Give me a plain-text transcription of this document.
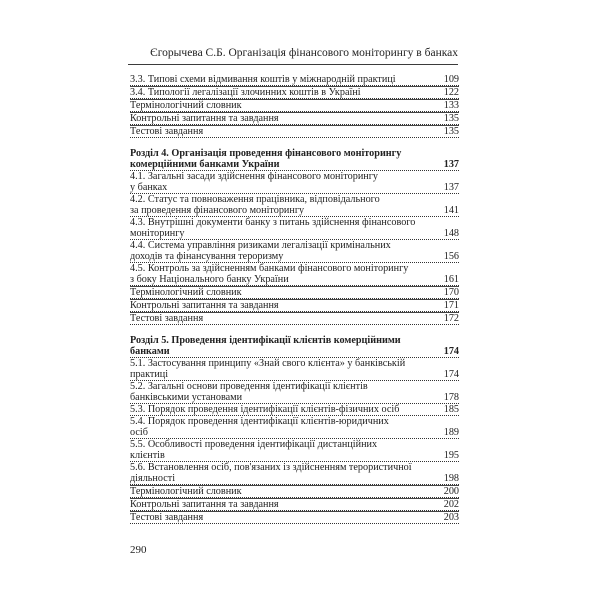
Єгорычева С.Б. Організація фінансового моніторингу в банках
3.3. Типові схеми відмивання коштів у міжнародній практиці	109
3.4. Типології легалізації злочинних коштів в Україні	122
Термінологічний словник	133
Контрольні запитання та завдання	135
Тестові завдання	135
Розділ 4. Організація проведення фінансового моніторингу
комерційними банками України	137
4.1. Загальні засади здійснення фінансового моніторингу
у банках	137
4.2. Статус та повноваження працівника, відповідального
за проведення фінансового моніторингу	141
4.3. Внутрішні документи банку з питань здійснення фінансового
моніторингу	148
4.4. Система управління ризиками легалізації кримінальних
доходів та фінансування тероризму	156
4.5. Контроль за здійсненням банками фінансового моніторингу
з боку Національного банку України	161
Термінологічний словник	170
Контрольні запитання та завдання	171
Тестові завдання	172
Розділ 5. Проведення ідентифікації клієнтів комерційними
банками	174
5.1. Застосування принципу «Знай свого клієнта» у банківській
практиці	174
5.2. Загальні основи проведення ідентифікації клієнтів
банківськими установами	178
5.3. Порядок проведення ідентифікації клієнтів-фізичних осіб	185
5.4. Порядок проведення ідентифікації клієнтів-юридичних
осіб	189
5.5. Особливості проведення ідентифікації дистанційних
клієнтів	195
5.6. Встановлення осіб, пов'язаних із здійсненням терористичної
діяльності	198
Термінологічний словник	200
Контрольні запитання та завдання	202
Тестові завдання	203
290
